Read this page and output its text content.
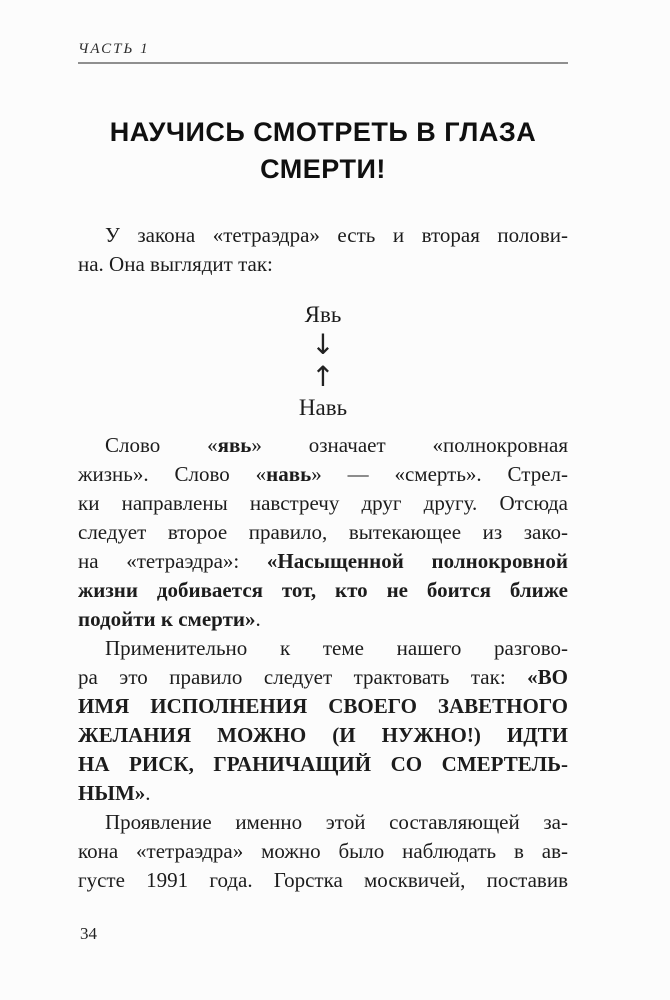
ЧАСТЬ 1
НАУЧИСЬ СМОТРЕТЬ В ГЛАЗА
СМЕРТИ!
У закона «тетраэдра» есть и вторая полови-
на. Она выглядит так:
Явь
↓
↑
Навь
Слово «явь» означает «полнокровная
жизнь». Слово «навь» — «смерть». Стрел-
ки направлены навстречу друг другу. Отсюда
следует второе правило, вытекающее из зако-
на «тетраэдра»: «Насыщенной полнокровной
жизни добивается тот, кто не боится ближе
подойти к смерти».
Применительно к теме нашего разгово-
ра это правило следует трактовать так: «ВО
ИМЯ ИСПОЛНЕНИЯ СВОЕГО ЗАВЕТНОГО
ЖЕЛАНИЯ МОЖНО (И НУЖНО!) ИДТИ
НА РИСК, ГРАНИЧАЩИЙ СО СМЕРТЕЛЬ-
НЫМ».
Проявление именно этой составляющей за-
кона «тетраэдра» можно было наблюдать в ав-
густе 1991 года. Горстка москвичей, поставив
34
